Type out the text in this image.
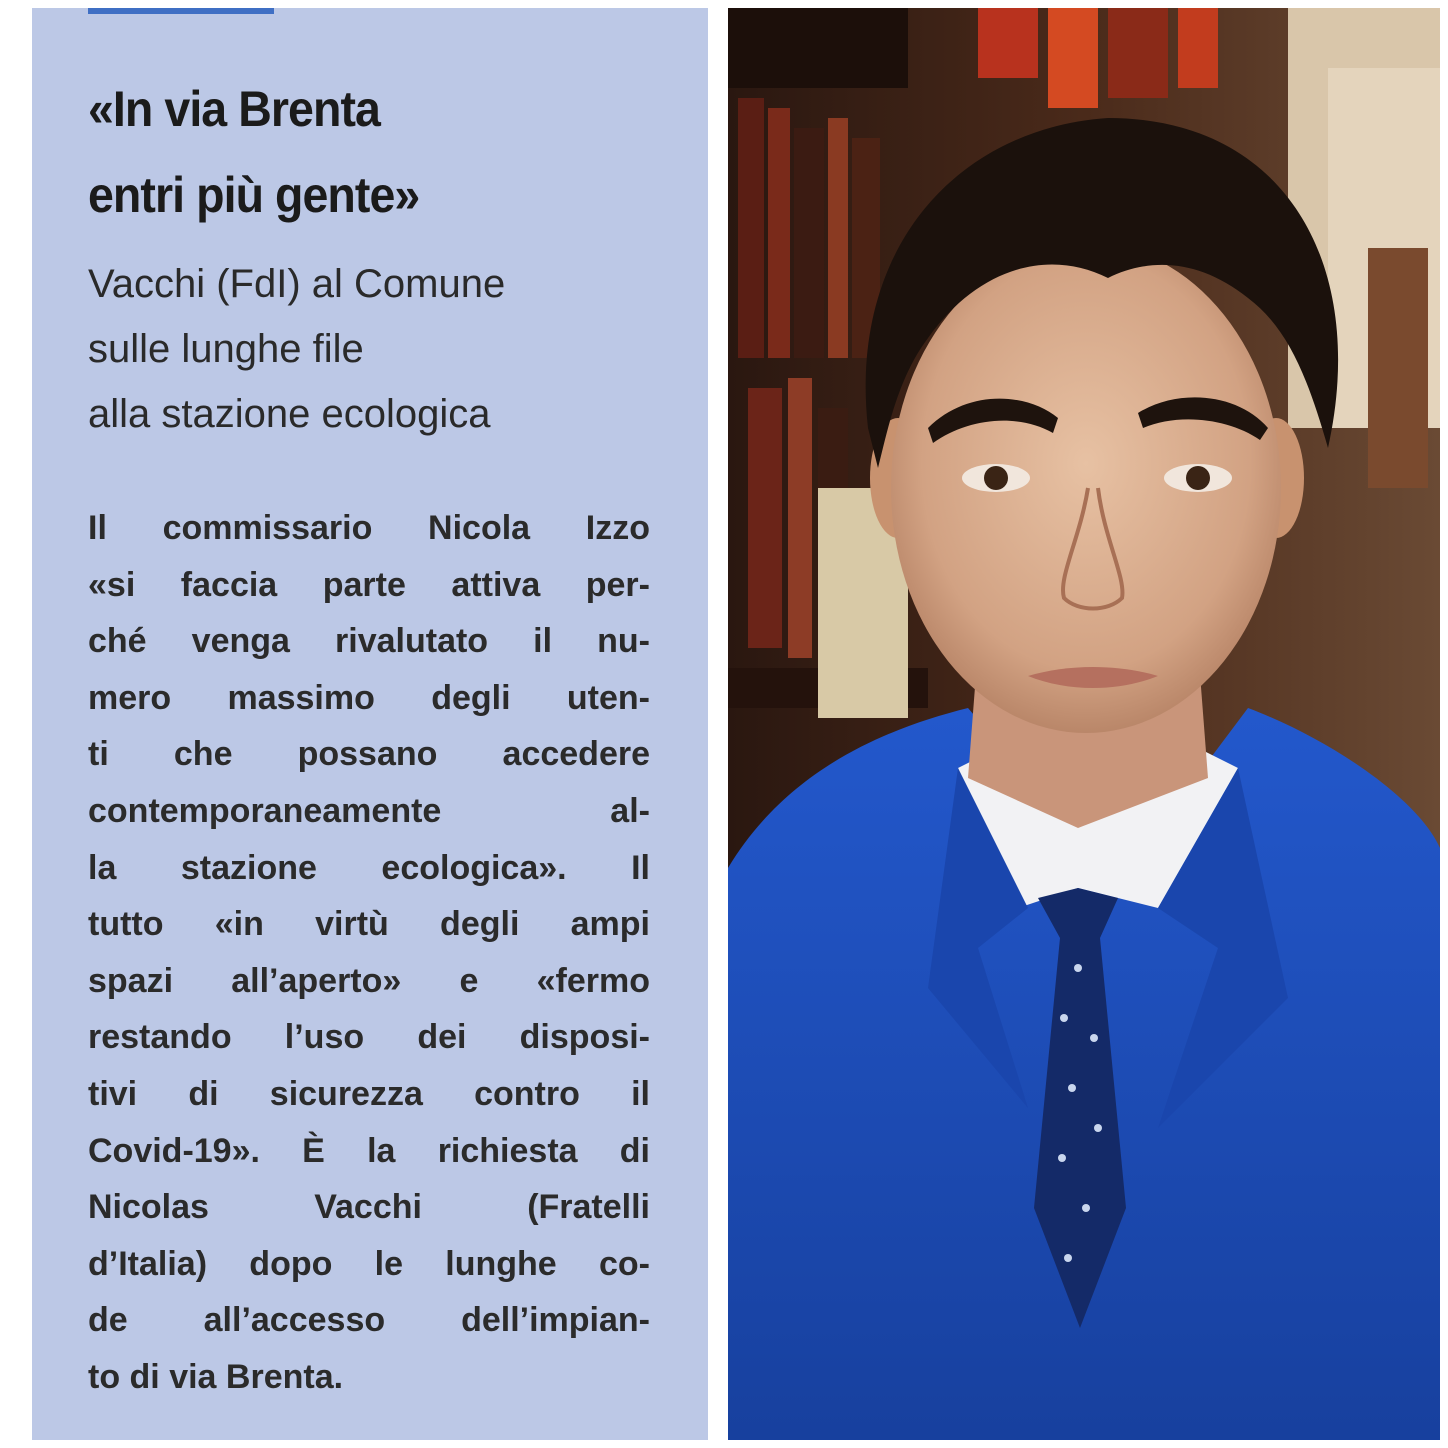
«In via Brenta
entri più gente»
Vacchi (FdI) al Comune
sulle lunghe file
alla stazione ecologica
Il commissario Nicola Izzo
«si faccia parte attiva per-
ché venga rivalutato il nu-
mero massimo degli uten-
ti che possano accedere
contemporaneamente al-
la stazione ecologica». Il
tutto «in virtù degli ampi
spazi all’aperto» e «fermo
restando l’uso dei disposi-
tivi di sicurezza contro il
Covid-19». È la richiesta di
Nicolas Vacchi (Fratelli
d’Italia) dopo le lunghe co-
de all’accesso dell’impian-
to di via Brenta.
